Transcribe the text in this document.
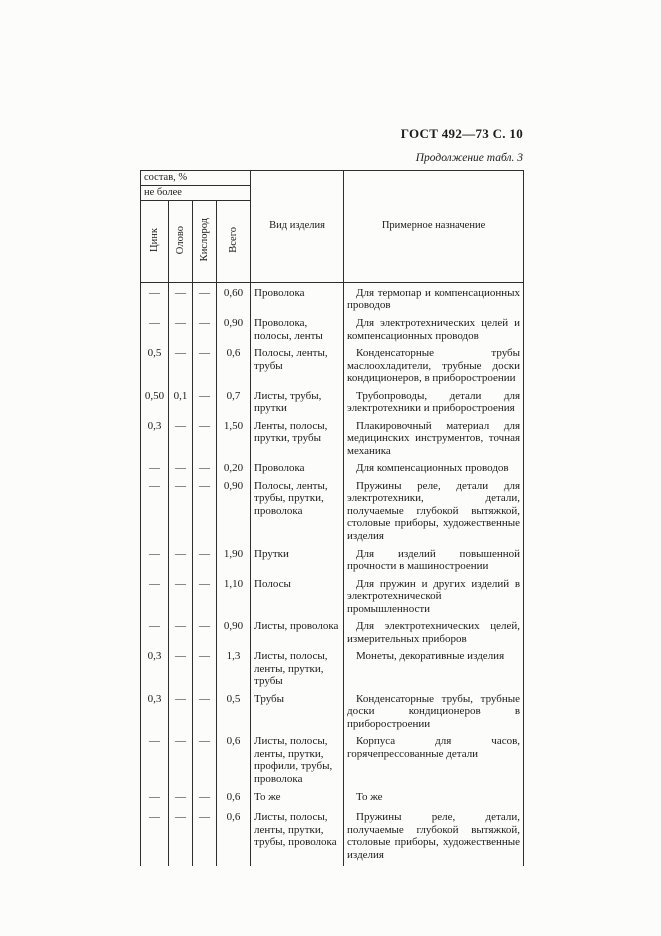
ГОСТ 492—73 С. 10
Продолжение табл. 3
состав, %				Вид изделия	Примерное назначение
не более					
Цинк	Олово	Кислород	Всего		
—	—	—	0,60	Проволока	Для термопар и компенсационных проводов
—	—	—	0,90	Проволока, полосы, ленты	Для электротехнических целей и компенсационных проводов
0,5	—	—	0,6	Полосы, ленты, трубы	Конденсаторные трубы маслоохладители, трубные доски кондиционеров, в приборостроении
0,50	0,1	—	0,7	Листы, трубы, прутки	Трубопроводы, детали для электротехники и приборостроения
0,3	—	—	1,50	Ленты, полосы, прутки, трубы	Плакировочный материал для медицинских инструментов, точная механика
—	—	—	0,20	Проволока	Для компенсационных проводов
—	—	—	0,90	Полосы, ленты, трубы, прутки, проволока	Пружины реле, детали для электротехники, детали, получаемые глубокой вытяжкой, столовые приборы, художественные изделия
—	—	—	1,90	Прутки	Для изделий повышенной прочности в машиностроении
—	—	—	1,10	Полосы	Для пружин и других изделий в электротехнической промышленности
—	—	—	0,90	Листы, проволока	Для электротехнических целей, измерительных приборов
0,3	—	—	1,3	Листы, полосы, ленты, прутки, трубы	Монеты, декоративные изделия
0,3	—	—	0,5	Трубы	Конденсаторные трубы, трубные доски кондиционеров в приборостроении
—	—	—	0,6	Листы, полосы, ленты, прутки, профили, трубы, проволока	Корпуса для часов, горячепрессованные детали
—	—	—	0,6	То же	То же
—	—	—	0,6	Листы, полосы, ленты, прутки, трубы, проволока	Пружины реле, детали, получаемые глубокой вытяжкой, столовые приборы, художественные изделия
